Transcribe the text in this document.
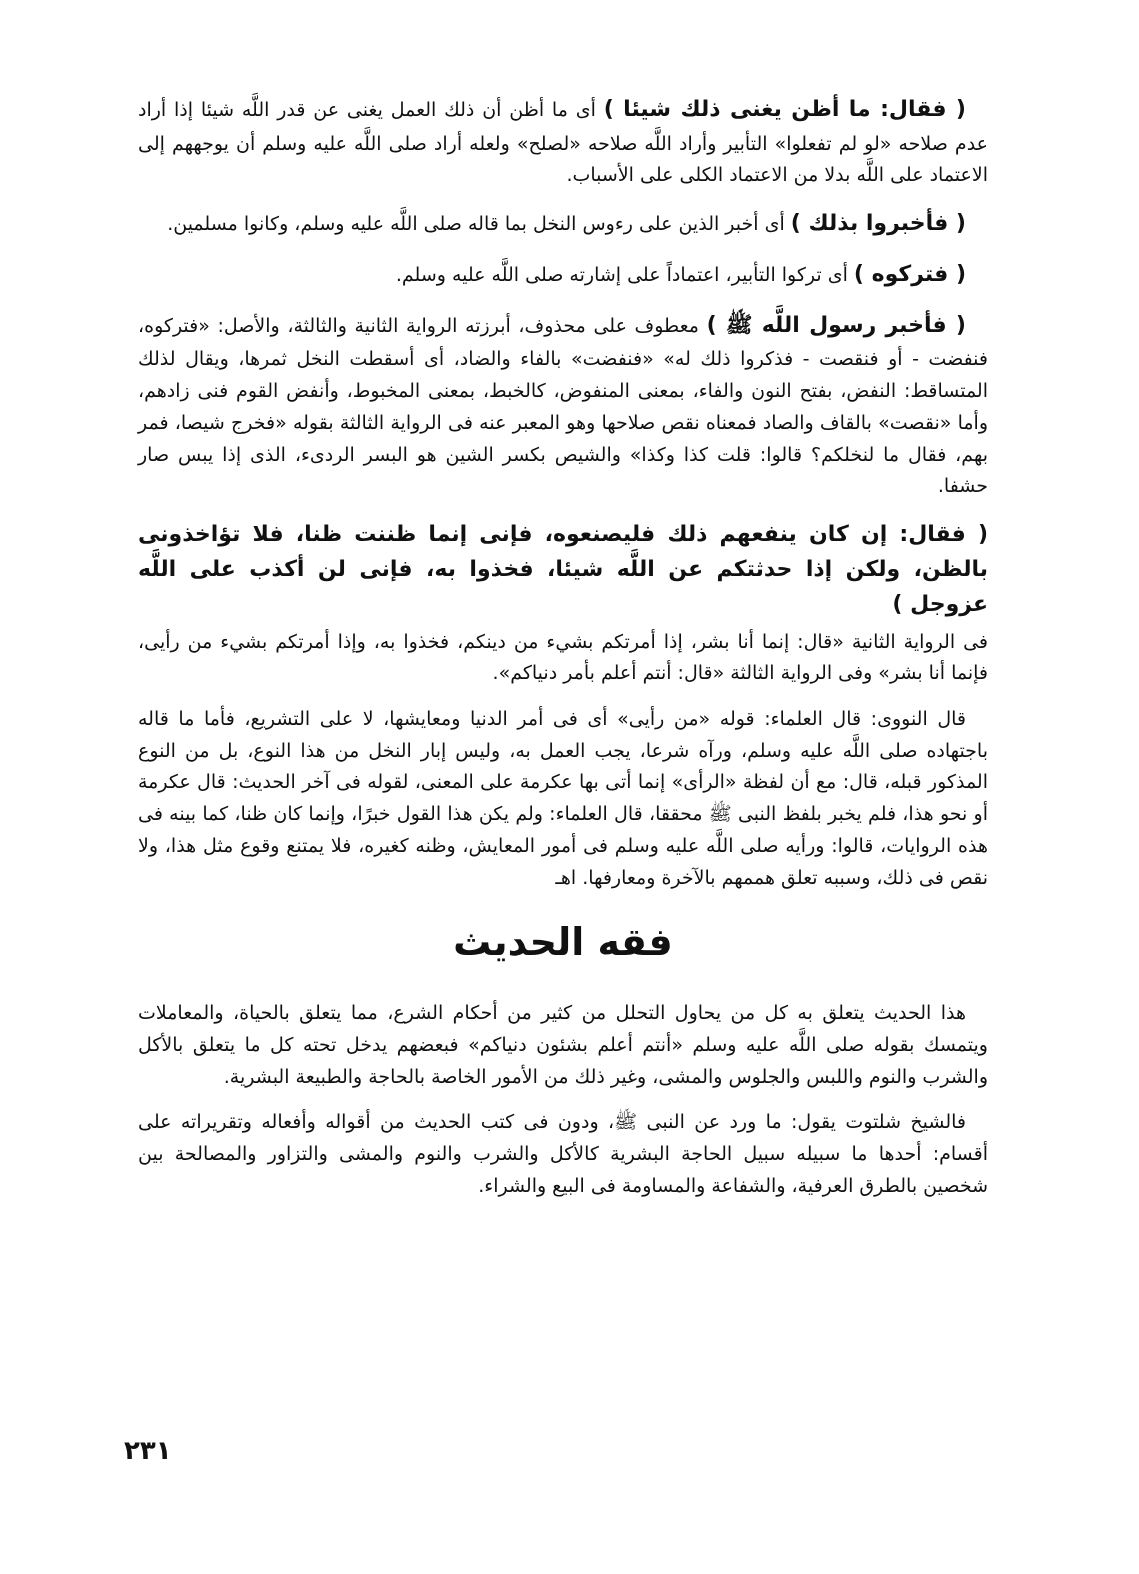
( فقال: ما أظن يغنى ذلك شيئا ) أى ما أظن أن ذلك العمل يغنى عن قدر اللَّه شيئا إذا أراد عدم صلاحه «لو لم تفعلوا» التأبير وأراد اللَّه صلاحه «لصلح» ولعله أراد صلى اللَّه عليه وسلم أن يوجههم إلى الاعتماد على اللَّه بدلا من الاعتماد الكلى على الأسباب.

( فأخبروا بذلك ) أى أخبر الذين على رءوس النخل بما قاله صلى اللَّه عليه وسلم، وكانوا مسلمين.

( فتركوه ) أى تركوا التأبير، اعتماداً على إشارته صلى اللَّه عليه وسلم.

( فأخبر رسول اللَّه ﷺ ) معطوف على محذوف، أبرزته الرواية الثانية والثالثة، والأصل: «فتركوه، فنفضت - أو فنقصت - فذكروا ذلك له» «فنفضت» بالفاء والضاد، أى أسقطت النخل ثمرها، ويقال لذلك المتساقط: النفض، بفتح النون والفاء، بمعنى المنفوض، كالخبط، بمعنى المخبوط، وأنفض القوم فنى زادهم، وأما «نقصت» بالقاف والصاد فمعناه نقص صلاحها وهو المعبر عنه فى الرواية الثالثة بقوله «فخرج شيصا، فمر بهم، فقال ما لنخلكم؟ قالوا: قلت كذا وكذا» والشيص بكسر الشين هو البسر الردىء، الذى إذا يبس صار حشفا.

( فقال: إن كان ينفعهم ذلك فليصنعوه، فإنى إنما ظننت ظنا، فلا تؤاخذونى بالظن، ولكن إذا حدثتكم عن اللَّه شيئا، فخذوا به، فإنى لن أكذب على اللَّه عزوجل )

فى الرواية الثانية «قال: إنما أنا بشر، إذا أمرتكم بشيء من دينكم، فخذوا به، وإذا أمرتكم بشيء من رأيى، فإنما أنا بشر» وفى الرواية الثالثة «قال: أنتم أعلم بأمر دنياكم».

قال النووى: قال العلماء: قوله «من رأيى» أى فى أمر الدنيا ومعايشها، لا على التشريع، فأما ما قاله باجتهاده صلى اللَّه عليه وسلم، ورآه شرعا، يجب العمل به، وليس إبار النخل من هذا النوع، بل من النوع المذكور قبله، قال: مع أن لفظة «الرأى» إنما أتى بها عكرمة على المعنى، لقوله فى آخر الحديث: قال عكرمة أو نحو هذا، فلم يخبر بلفظ النبى ﷺ محققا، قال العلماء: ولم يكن هذا القول خبرًا، وإنما كان ظنا، كما بينه فى هذه الروايات، قالوا: ورأيه صلى اللَّه عليه وسلم فى أمور المعايش، وظنه كغيره، فلا يمتنع وقوع مثل هذا، ولا نقص فى ذلك، وسببه تعلق هممهم بالآخرة ومعارفها. اهـ

فقه الحديث

هذا الحديث يتعلق به كل من يحاول التحلل من كثير من أحكام الشرع، مما يتعلق بالحياة، والمعاملات ويتمسك بقوله صلى اللَّه عليه وسلم «أنتم أعلم بشئون دنياكم» فبعضهم يدخل تحته كل ما يتعلق بالأكل والشرب والنوم واللبس والجلوس والمشى، وغير ذلك من الأمور الخاصة بالحاجة والطبيعة البشرية.

فالشيخ شلتوت يقول: ما ورد عن النبى ﷺ، ودون فى كتب الحديث من أقواله وأفعاله وتقريراته على أقسام: أحدها ما سبيله سبيل الحاجة البشرية كالأكل والشرب والنوم والمشى والتزاور والمصالحة بين شخصين بالطرق العرفية، والشفاعة والمساومة فى البيع والشراء.

٢٣١
